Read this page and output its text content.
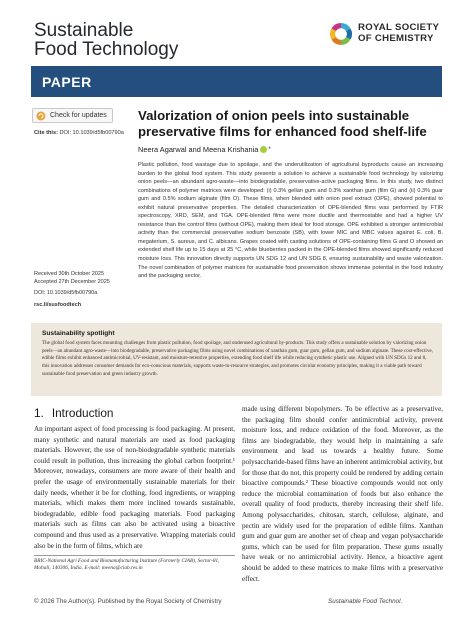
Sustainable
Food Technology
ROYAL SOCIETY
OF CHEMISTRY
PAPER
Check for updates
Cite this: DOI: 10.1039/d5fb00790a
Valorization of onion peels into sustainable preservative films for enhanced food shelf-life
Neera Agarwal and Meena Krishania *
Plastic pollution, food wastage due to spoilage, and the underutilization of agricultural byproducts cause an increasing burden to the global food system. This study presents a solution to achieve a sustainable food technology by valorizing onion peels—an abundant agro-waste—into biodegradable, preservative-active packaging films. In this study, two distinct combinations of polymer matrices were developed: (i) 0.3% gellan gum and 0.3% xanthan gum (film G) and (ii) 0.3% guar gum and 0.5% sodium alginate (film O). These films, when blended with onion peel extract (OPE), showed potential to exhibit natural preservative properties. The detailed characterization of OPE-blended films was performed by FTIR spectroscopy, XRD, SEM, and TGA. OPE-blended films were more ductile and thermostable and had a higher UV resistance than the control films (without OPE), making them ideal for food storage. OPE exhibited a stronger antimicrobial activity than the commercial preservative sodium benzoate (SB), with lower MIC and MBC values against E. coli, B. megaterium, S. aureus, and C. albicans. Grapes coated with casting solutions of OPE-containing films G and O showed an extended shelf life up to 15 days at 25 °C, while blueberries packed in the OPE-blended films showed significantly reduced moisture loss. This innovation directly supports UN SDG 12 and UN SDG 8, ensuring sustainability and waste valorization. The novel combination of polymer matrices for sustainable food preservation shows immense potential in the food industry and the packaging sector.
Received 30th October 2025
Accepted 27th December 2025
DOI: 10.1039/d5fb00790a
rsc.li/susfoodtech
Sustainability spotlight
The global food system faces mounting challenges from plastic pollution, food spoilage, and underused agricultural by-products. This study offers a sustainable solution by valorizing onion peels—an abundant agro-waste—into biodegradable, preservative packaging films using novel combinations of xanthan gum, guar gum, gellan gum, and sodium alginate. These cost-effective, edible films exhibit enhanced antimicrobial, UV-resistant, and moisture-retentive properties, extending food shelf life while reducing synthetic plastic use. Aligned with UN SDGs 12 and 8, this innovation addresses consumer demands for eco-conscious materials, supports waste-to-resource strategies, and promotes circular economy principles, making it a viable path toward sustainable food preservation and green industry growth.
1. Introduction
An important aspect of food processing is food packaging. At present, many synthetic and natural materials are used as food packaging materials. However, the use of non-biodegradable synthetic materials could result in pollution, thus increasing the global carbon footprint.¹ Moreover, nowadays, consumers are more aware of their health and prefer the usage of environmentally sustainable materials for their daily needs, whether it be for clothing, food ingredients, or wrapping materials, which makes them more inclined towards sustainable, biodegradable, edible food packaging materials. Food packaging materials such as films can also be activated using a bioactive compound and thus used as a preservative. Wrapping materials could also be in the form of films, which are
made using different biopolymers. To be effective as a preservative, the packaging film should confer antimicrobial activity, prevent moisture loss, and reduce oxidation of the food. Moreover, as the films are biodegradable, they would help in maintaining a safe environment and lead us towards a healthy future. Some polysaccharide-based films have an inherent antimicrobial activity, but for those that do not, this property could be rendered by adding certain bioactive compounds.² These bioactive compounds would not only reduce the microbial contamination of foods but also enhance the overall quality of food products, thereby increasing their shelf life. Among polysaccharides, chitosan, starch, cellulose, alginate, and pectin are widely used for the preparation of edible films. Xanthan gum and guar gum are another set of cheap and vegan polysaccharide gums, which can be used for film preparation. These gums usually have weak or no antimicrobial activity. Hence, a bioactive agent should be added to these matrices to make films with a preservative effect.
BRIC-National Agri Food and Biomanufacturing Institute (Formerly CIAB), Sector-81, Mohali, 140306, India. E-mail: meena@ciab.res.in
© 2026 The Author(s). Published by the Royal Society of Chemistry	Sustainable Food Technol.
